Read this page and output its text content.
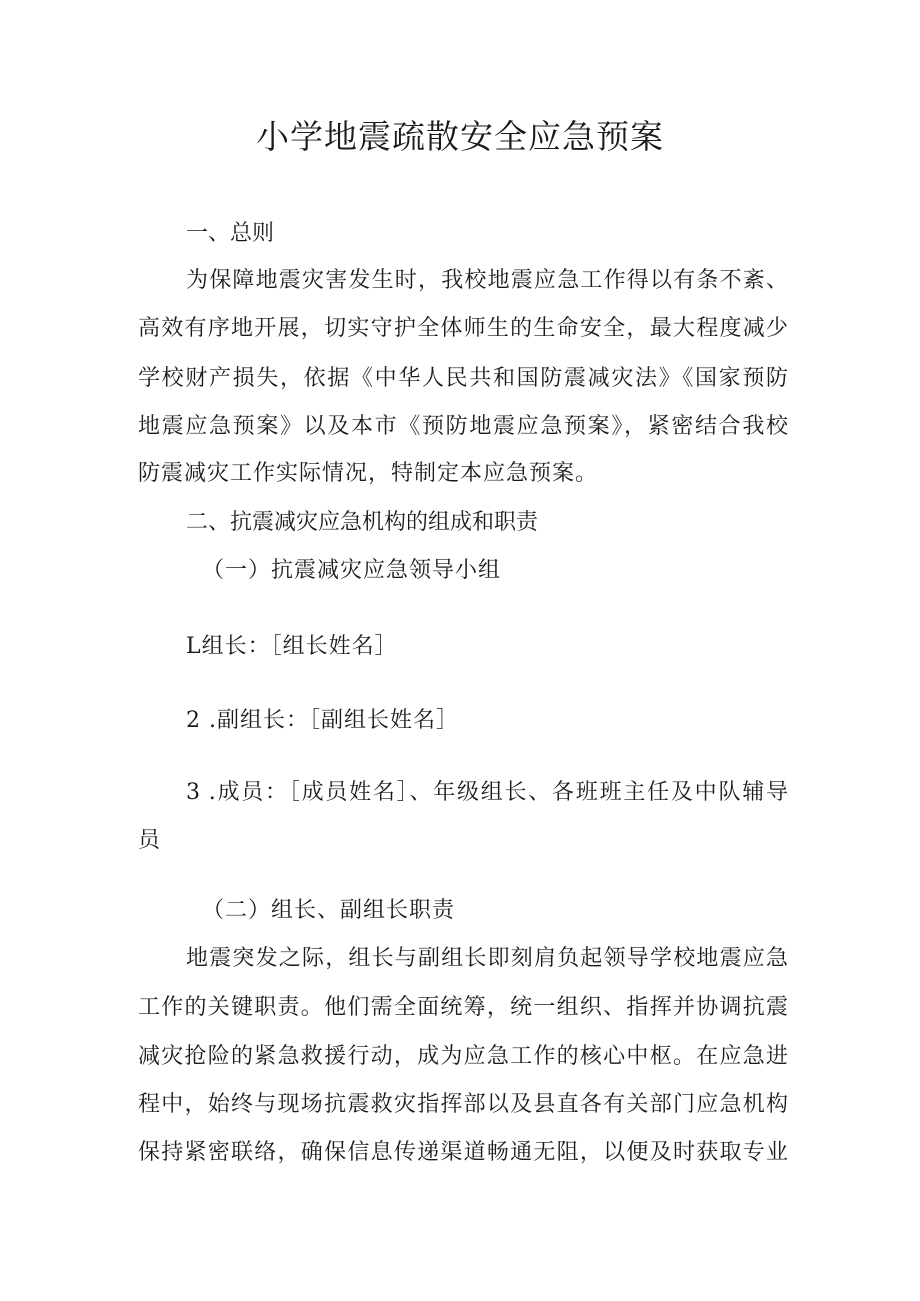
小学地震疏散安全应急预案

一、总则

为保障地震灾害发生时，我校地震应急工作得以有条不紊、

高效有序地开展，切实守护全体师生的生命安全，最大程度减少

学校财产损失，依据《中华人民共和国防震减灾法》《国家预防

地震应急预案》以及本市《预防地震应急预案》，紧密结合我校

防震减灾工作实际情况，特制定本应急预案。

二、抗震减灾应急机构的组成和职责

（一）抗震减灾应急领导小组

L组长：［组长姓名］

2 .副组长：［副组长姓名］

3 .成员：［成员姓名］、年级组长、各班班主任及中队辅导

员

（二）组长、副组长职责

地震突发之际，组长与副组长即刻肩负起领导学校地震应急

工作的关键职责。他们需全面统筹，统一组织、指挥并协调抗震

减灾抢险的紧急救援行动，成为应急工作的核心中枢。在应急进

程中，始终与现场抗震救灾指挥部以及县直各有关部门应急机构

保持紧密联络，确保信息传递渠道畅通无阻，以便及时获取专业
